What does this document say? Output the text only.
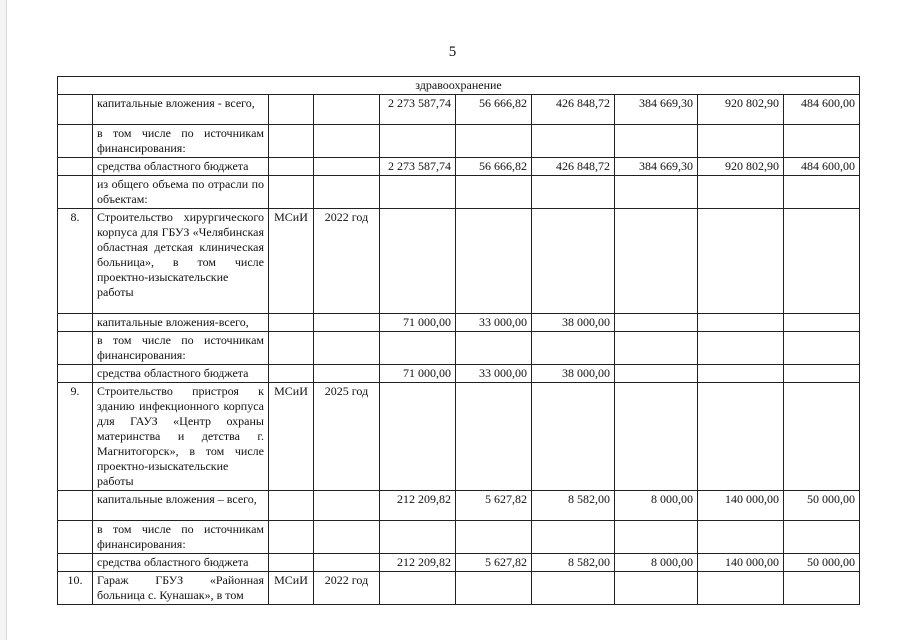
5
здравоохранение									
	капитальные вложения - всего,			2 273 587,74	56 666,82	426 848,72	384 669,30	920 802,90	484 600,00
	в том числе по источникам финансирования:								
	средства областного бюджета			2 273 587,74	56 666,82	426 848,72	384 669,30	920 802,90	484 600,00
	из общего объема по отрасли по объектам:								
8.	Строительство хирургического корпуса для ГБУЗ «Челябинская областная детская клиническая больница», в том числе проектно-изыскательские работы	МСиИ	2022 год						
	капитальные вложения-всего,			71 000,00	33 000,00	38 000,00			
	в том числе по источникам финансирования:								
	средства областного бюджета			71 000,00	33 000,00	38 000,00			
9.	Строительство пристроя к зданию инфекционного корпуса для ГАУЗ «Центр охраны материнства и детства г. Магнитогорск», в том числе проектно-изыскательские работы	МСиИ	2025 год						
	капитальные вложения – всего,			212 209,82	5 627,82	8 582,00	8 000,00	140 000,00	50 000,00
	в том числе по источникам финансирования:								
	средства областного бюджета			212 209,82	5 627,82	8 582,00	8 000,00	140 000,00	50 000,00
10.	Гараж ГБУЗ «Районная больница с. Кунашак», в том	МСиИ	2022 год						
